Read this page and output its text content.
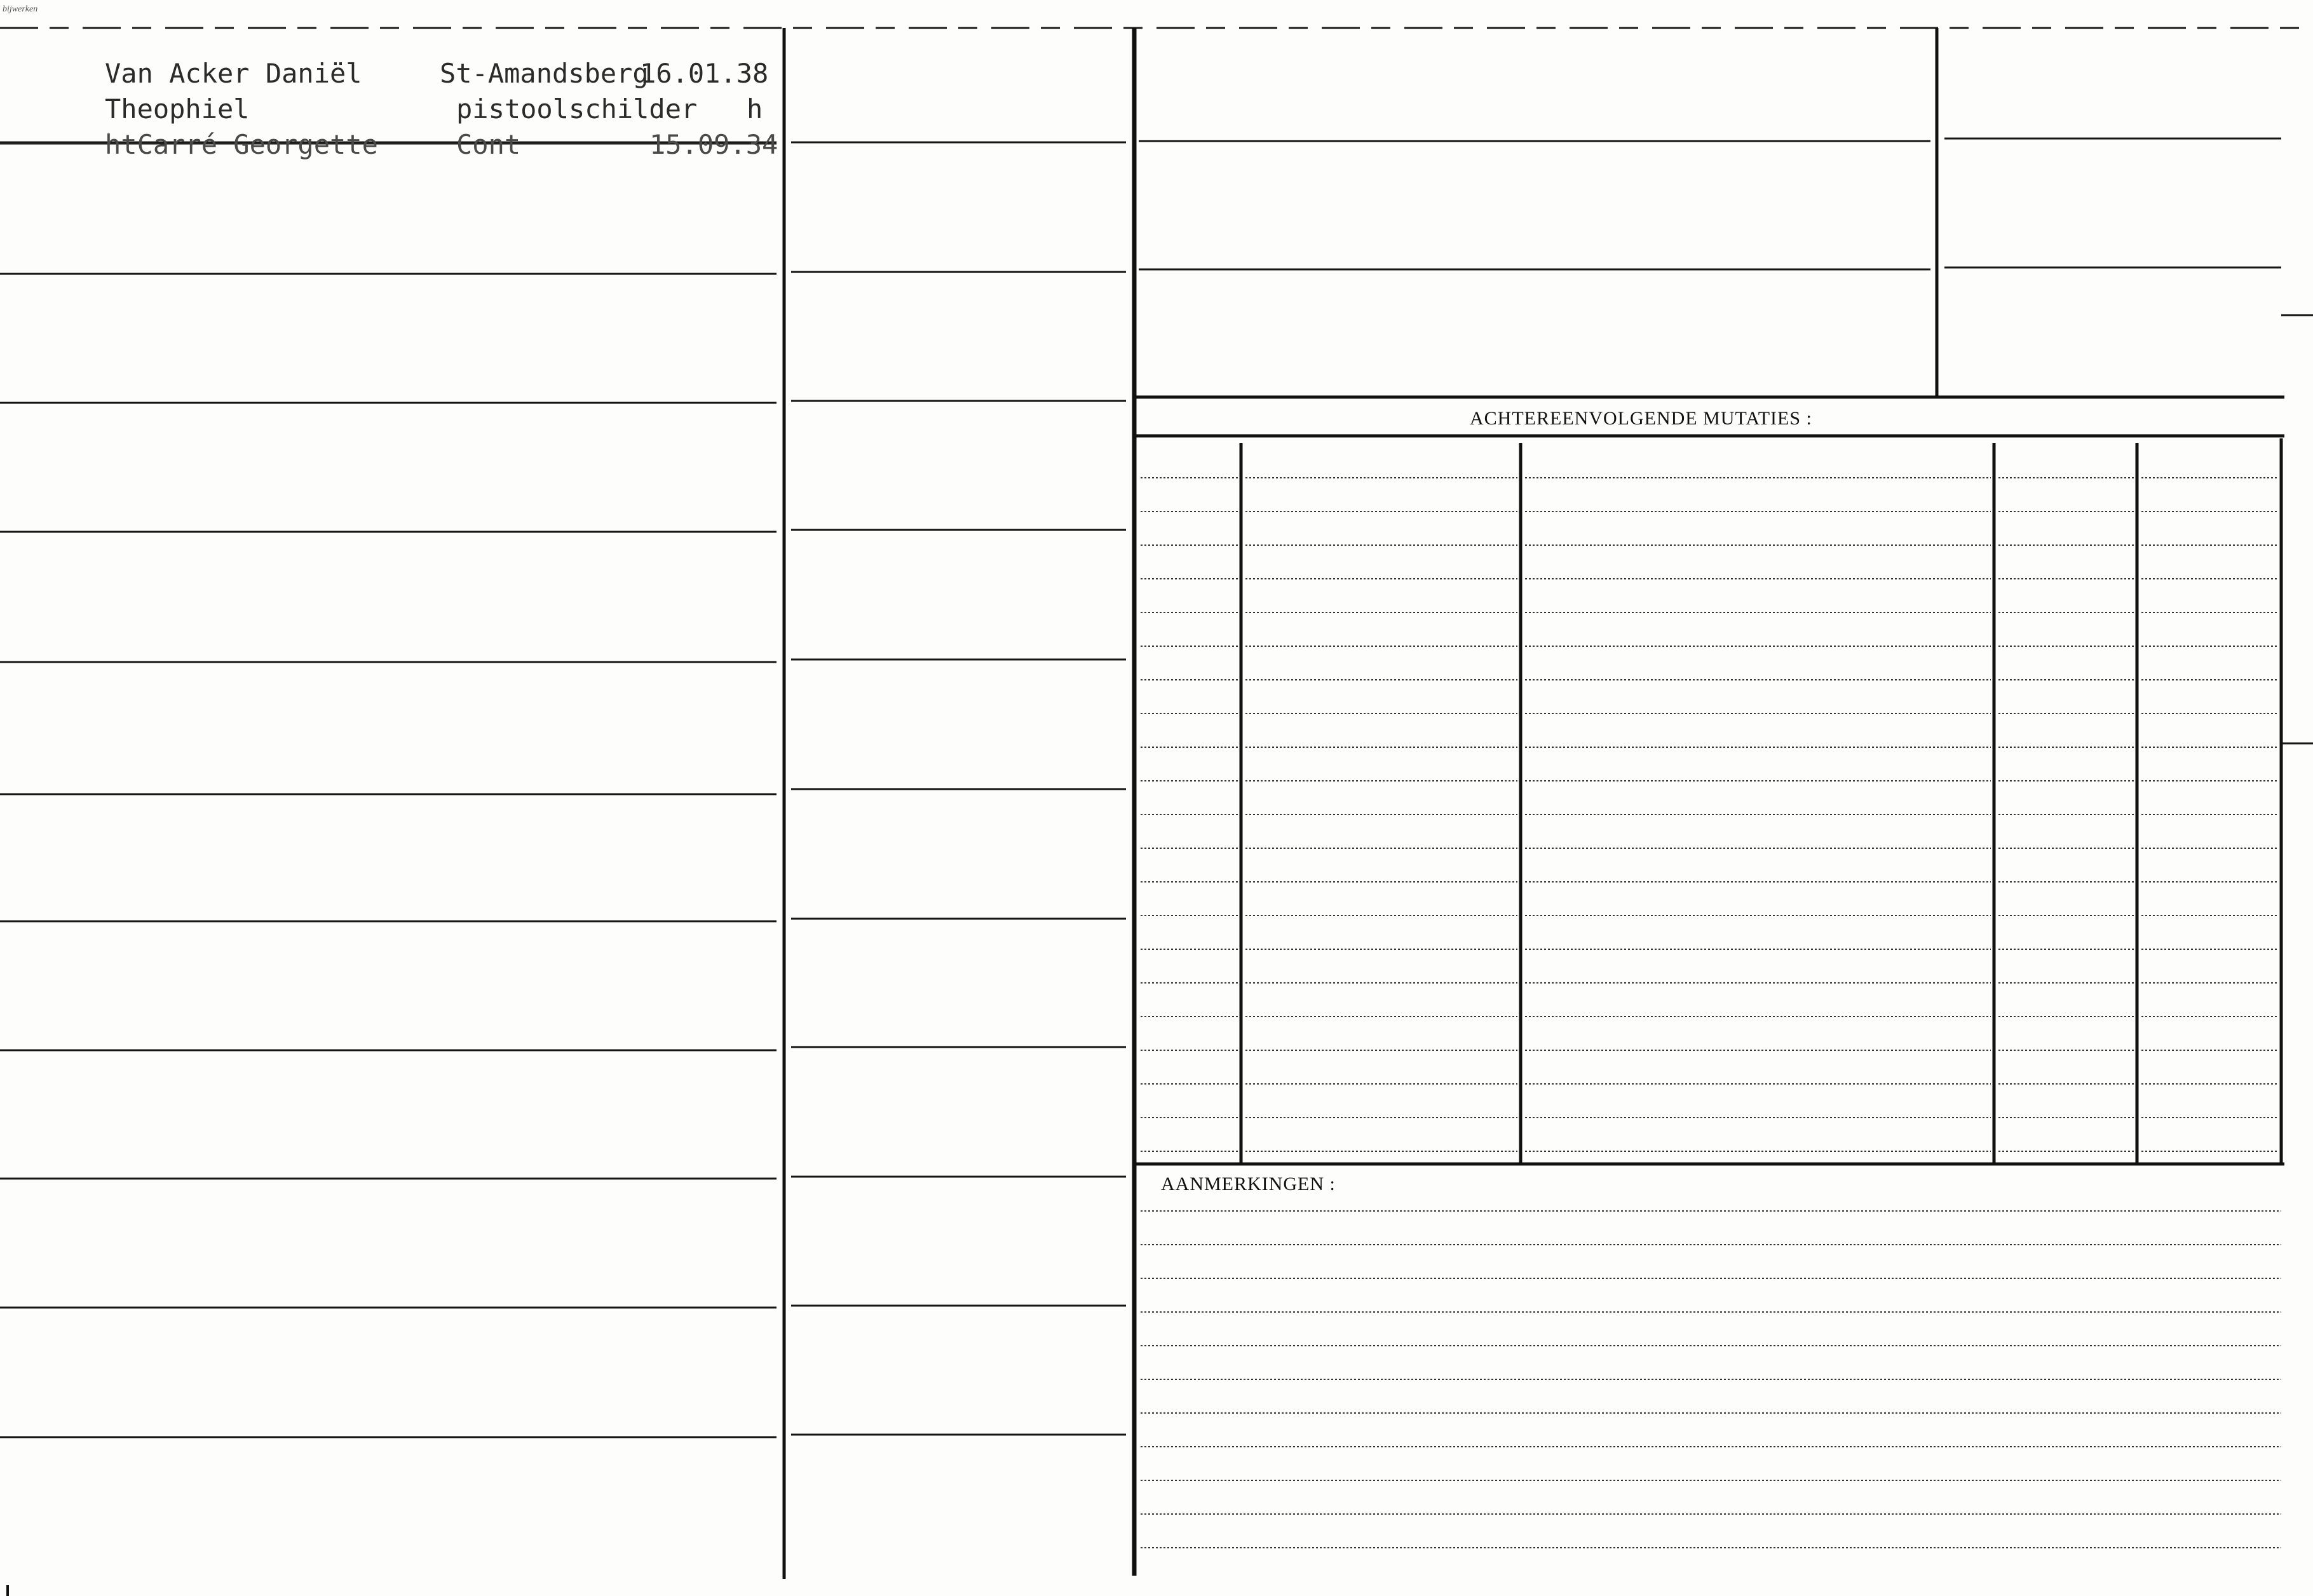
bijwerken
Van Acker Daniël
Theophiel
htCarré Georgette
St-Amandsberg
16.01.38
pistoolschilder h
Cont	15.09.34
ACHTEREENVOLGENDE MUTATIES :
AANMERKINGEN :
